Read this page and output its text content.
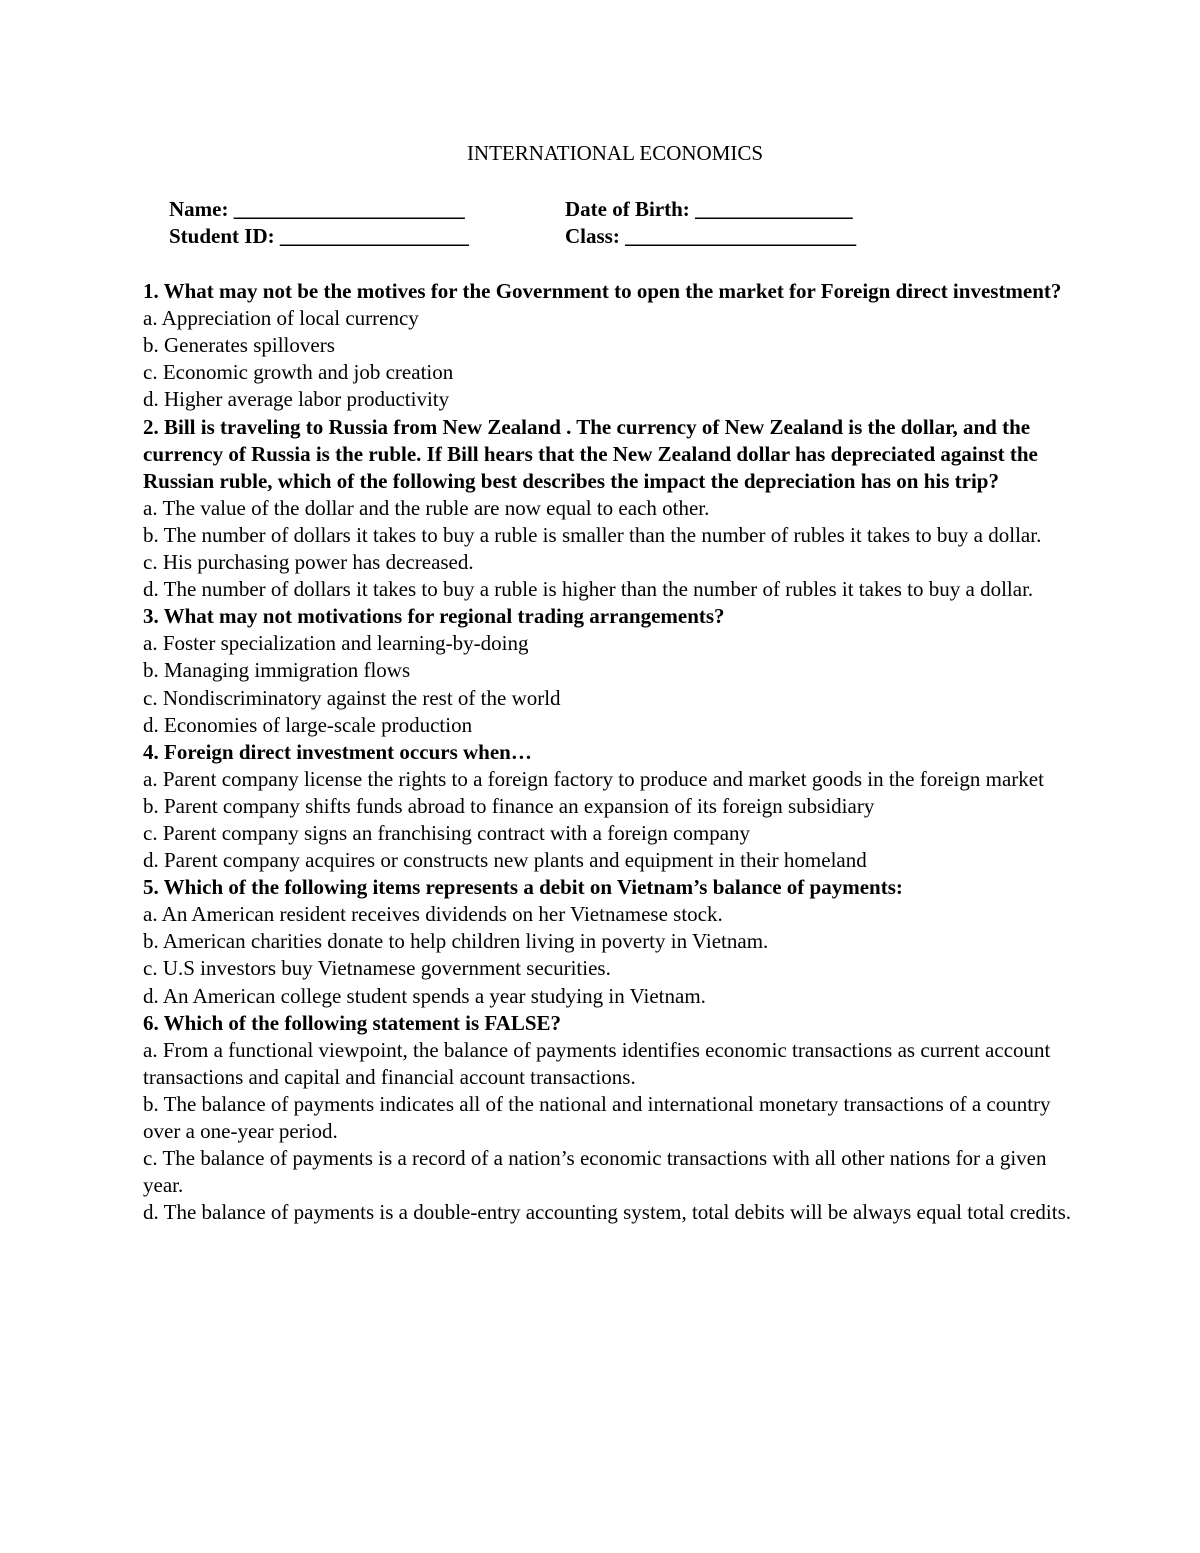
INTERNATIONAL ECONOMICS

Name: ______________________	Date of Birth: _______________
Student ID: __________________	Class: ______________________

1. What may not be the motives for the Government to open the market for Foreign direct investment?

a. Appreciation of local currency

b. Generates spillovers

c. Economic growth and job creation

d. Higher average labor productivity

2. Bill is traveling to Russia from New Zealand . The currency of New Zealand is the dollar, and the currency of Russia is the ruble. If Bill hears that the New Zealand dollar has depreciated against the Russian ruble, which of the following best describes the impact the depreciation has on his trip?

a. The value of the dollar and the ruble are now equal to each other.

b. The number of dollars it takes to buy a ruble is smaller than the number of rubles it takes to buy a dollar.

c. His purchasing power has decreased.

d. The number of dollars it takes to buy a ruble is higher than the number of rubles it takes to buy a dollar.

3. What may not motivations for regional trading arrangements?

a. Foster specialization and learning-by-doing

b. Managing immigration flows

c. Nondiscriminatory against the rest of the world

d. Economies of large-scale production

4. Foreign direct investment occurs when…

a. Parent company license the rights to a foreign factory to produce and market goods in the foreign market

b. Parent company shifts funds abroad to finance an expansion of its foreign subsidiary

c. Parent company signs an franchising contract with a foreign company

d. Parent company acquires or constructs new plants and equipment in their homeland

5. Which of the following items represents a debit on Vietnam’s balance of payments:

a. An American resident receives dividends on her Vietnamese stock.

b. American charities donate to help children living in poverty in Vietnam.

c. U.S investors buy Vietnamese government securities.

d. An American college student spends a year studying in Vietnam.

6. Which of the following statement is FALSE?

a. From a functional viewpoint, the balance of payments identifies economic transactions as current account transactions and capital and financial account transactions.

b. The balance of payments indicates all of the national and international monetary transactions of a country over a one-year period.

c. The balance of payments is a record of a nation’s economic transactions with all other nations for a given year.

d. The balance of payments is a double-entry accounting system, total debits will be always equal total credits.
